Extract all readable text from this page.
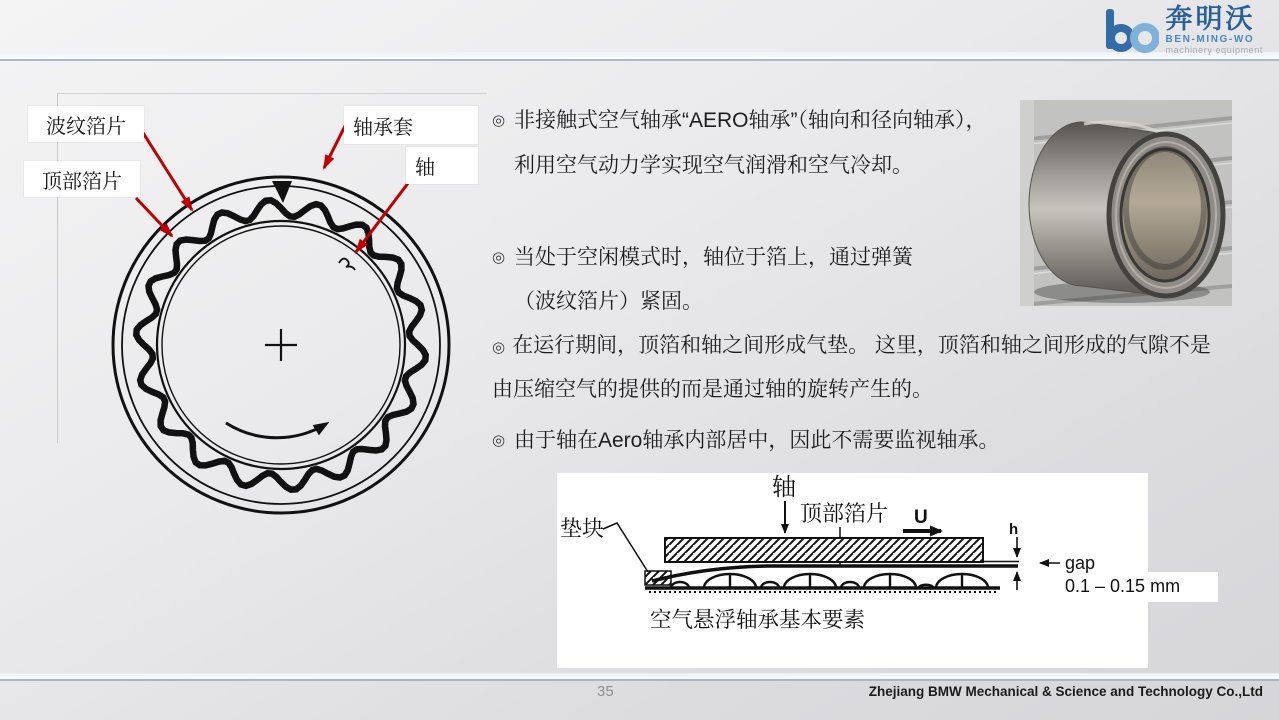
奔明沃
BEN-MING-WO
machinery equipment
波纹箔片
顶部箔片
轴承套
轴
◎ 非接触式空气轴承“AERO轴承”（轴向和径向轴承），利用空气动力学实现空气润滑和空气冷却。
◎ 当处于空闲模式时，轴位于箔上，通过弹簧（波纹箔片）紧固。
◎ 在运行期间，顶箔和轴之间形成气垫。 这里，顶箔和轴之间形成的气隙不是由压缩空气的提供的而是通过轴的旋转产生的。
◎ 由于轴在Aero轴承内部居中，因此不需要监视轴承。
轴
顶部箔片 U
垫块	h
gap
0.1 – 0.15 mm
空气悬浮轴承基本要素
35	Zhejiang BMW Mechanical & Science and Technology Co.,Ltd
